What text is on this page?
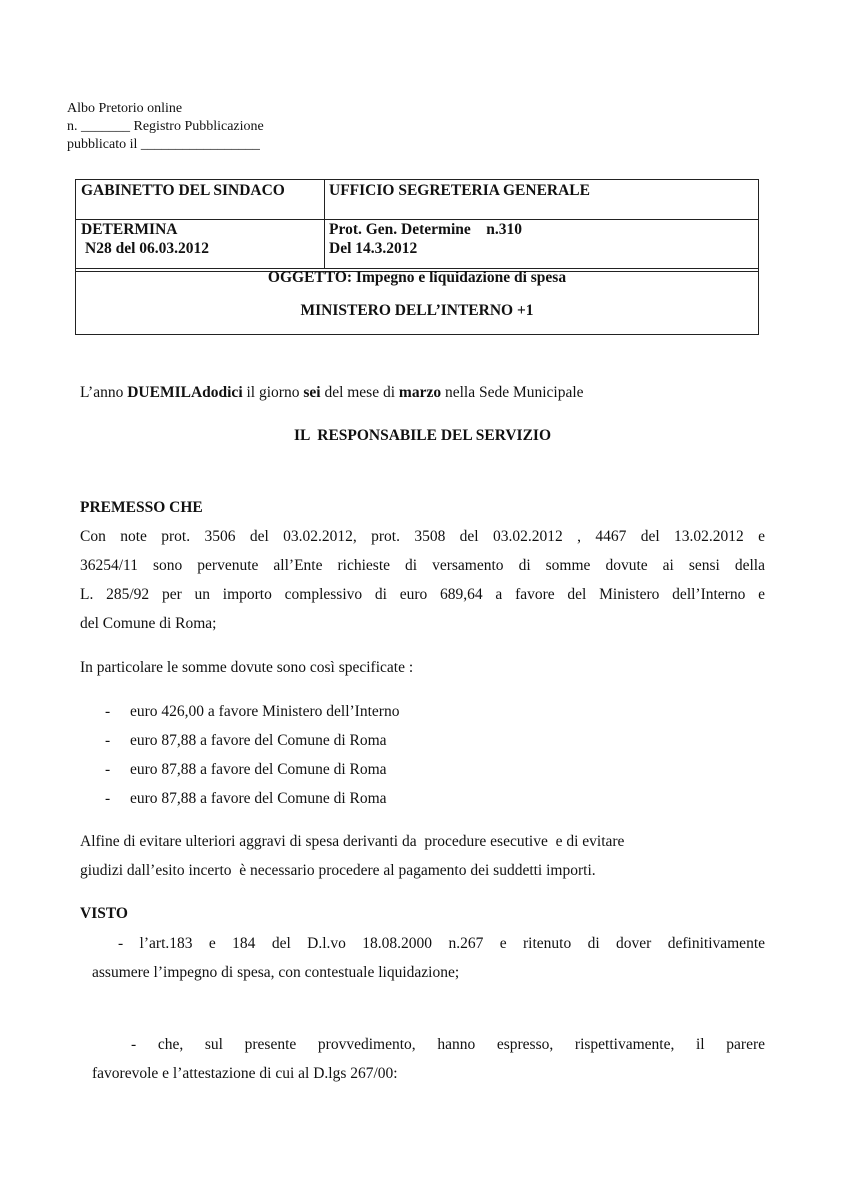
Albo Pretorio online
n. _______ Registro Pubblicazione
pubblicato il _________________
GABINETTO DEL SINDACO	UFFICIO SEGRETERIA GENERALE
DETERMINA
N28 del 06.03.2012
Prot. Gen. Determine    n.310
Del 14.3.2012
OGGETTO: Impegno e liquidazione di spesa
MINISTERO DELL’INTERNO +1
L’anno DUEMILAdodici il giorno sei del mese di marzo nella Sede Municipale
IL  RESPONSABILE DEL SERVIZIO
PREMESSO CHE
Con note prot. 3506 del 03.02.2012, prot. 3508 del 03.02.2012 , 4467 del 13.02.2012 e
36254/11 sono pervenute all’Ente richieste di versamento di somme dovute ai sensi della
L. 285/92 per un importo complessivo di euro 689,64 a favore del Ministero dell’Interno e
del Comune di Roma;
In particolare le somme dovute sono così specificate :
- euro 426,00 a favore Ministero dell’Interno
- euro 87,88 a favore del Comune di Roma
- euro 87,88 a favore del Comune di Roma
- euro 87,88 a favore del Comune di Roma
Alfine di evitare ulteriori aggravi di spesa derivanti da  procedure esecutive  e di evitare
giudizi dall’esito incerto  è necessario procedere al pagamento dei suddetti importi.
VISTO
- l’art.183 e 184 del D.l.vo 18.08.2000 n.267 e ritenuto di dover definitivamente
assumere l’impegno di spesa, con contestuale liquidazione;
- che, sul presente provvedimento, hanno espresso, rispettivamente, il parere
favorevole e l’attestazione di cui al D.lgs 267/00:
